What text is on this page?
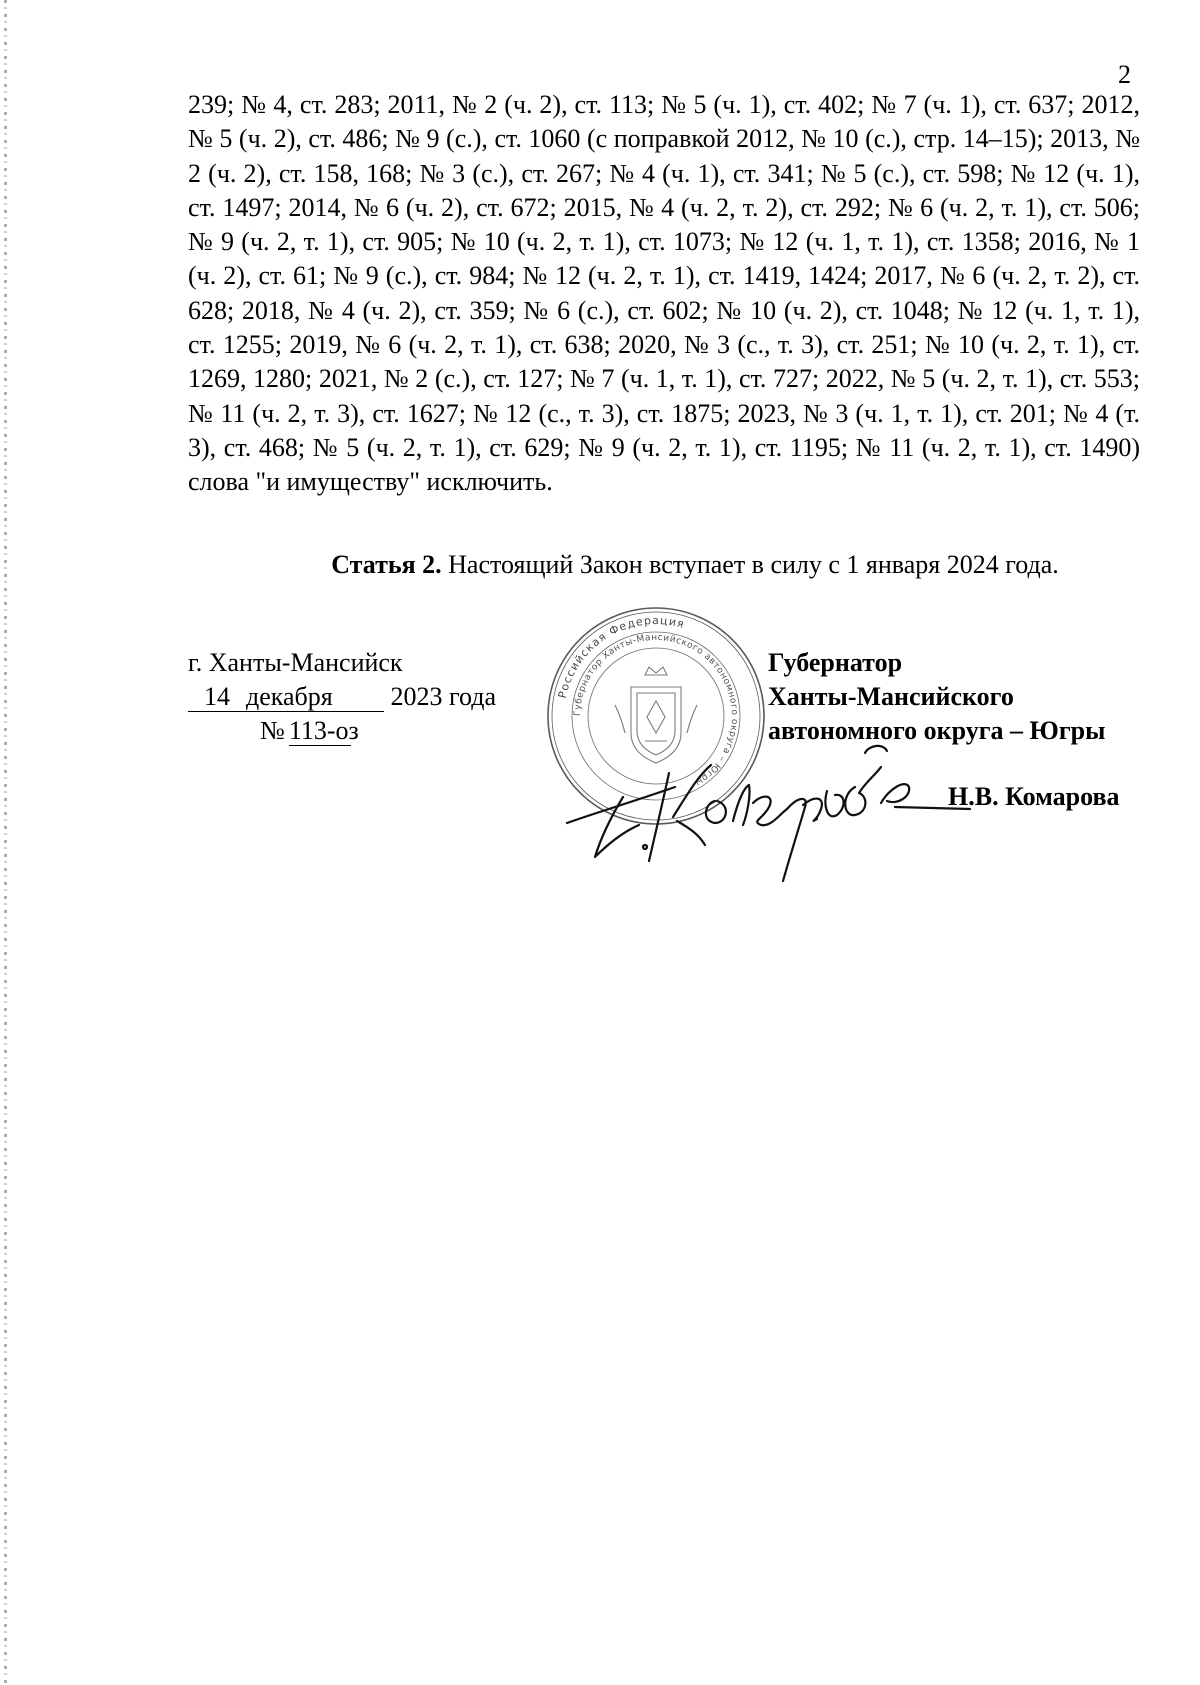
2
239; № 4, ст. 283; 2011, № 2 (ч. 2), ст. 113; № 5 (ч. 1), ст. 402; № 7 (ч. 1), ст. 637; 2012, № 5 (ч. 2), ст. 486; № 9 (с.), ст. 1060 (с поправкой 2012, № 10 (с.), стр. 14–15); 2013, № 2 (ч. 2), ст. 158, 168; № 3 (с.), ст. 267; № 4 (ч. 1), ст. 341; № 5 (с.), ст. 598; № 12 (ч. 1), ст. 1497; 2014, № 6 (ч. 2), ст. 672; 2015, № 4 (ч. 2, т. 2), ст. 292; № 6 (ч. 2, т. 1), ст. 506; № 9 (ч. 2, т. 1), ст. 905; № 10 (ч. 2, т. 1), ст. 1073; № 12 (ч. 1, т. 1), ст. 1358; 2016, № 1 (ч. 2), ст. 61; № 9 (с.), ст. 984; № 12 (ч. 2, т. 1), ст. 1419, 1424; 2017, № 6 (ч. 2, т. 2), ст. 628; 2018, № 4 (ч. 2), ст. 359; № 6 (с.), ст. 602; № 10 (ч. 2), ст. 1048; № 12 (ч. 1, т. 1), ст. 1255; 2019, № 6 (ч. 2, т. 1), ст. 638; 2020, № 3 (с., т. 3), ст. 251; № 10 (ч. 2, т. 1), ст. 1269, 1280; 2021, № 2 (с.), ст. 127; № 7 (ч. 1, т. 1), ст. 727; 2022, № 5 (ч. 2, т. 1), ст. 553; № 11 (ч. 2, т. 3), ст. 1627; № 12 (с., т. 3), ст. 1875; 2023, № 3 (ч. 1, т. 1), ст. 201; № 4 (т. 3), ст. 468; № 5 (ч. 2, т. 1), ст. 629; № 9 (ч. 2, т. 1), ст. 1195; № 11 (ч. 2, т. 1), ст. 1490) слова "и имуществу" исключить.
Статья 2. Настоящий Закон вступает в силу с 1 января 2024 года.
г. Ханты-Мансийск
14 декабря 2023 года
№ 113-оз
Российская Федерация
Губернатор Ханты-Мансийского автономного округа – Югры
Губернатор
Ханты-Мансийского
автономного округа – Югры
Н.В. Комарова
